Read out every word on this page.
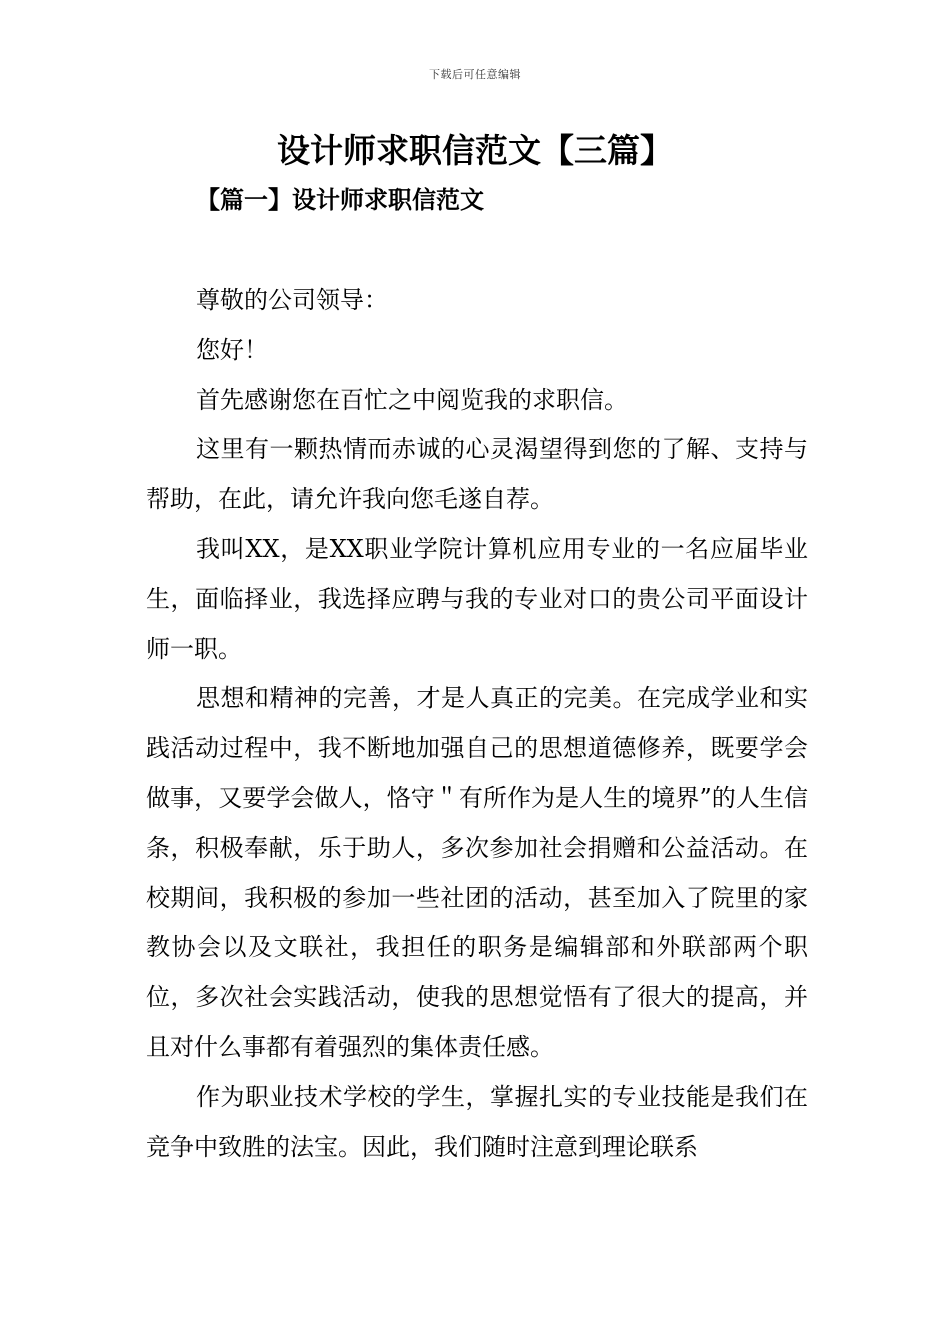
下载后可任意编辑
设计师求职信范文【三篇】
【篇一】设计师求职信范文

尊敬的公司领导：

您好！

首先感谢您在百忙之中阅览我的求职信。

这里有一颗热情而赤诚的心灵渴望得到您的了解、支持与帮助，在此，请允许我向您毛遂自荐。

我叫XX，是XX职业学院计算机应用专业的一名应届毕业生，面临择业，我选择应聘与我的专业对口的贵公司平面设计师一职。

思想和精神的完善，才是人真正的完美。在完成学业和实践活动过程中，我不断地加强自己的思想道德修养，既要学会做事，又要学会做人，恪守＂有所作为是人生的境界”的人生信条，积极奉献，乐于助人，多次参加社会捐赠和公益活动。在校期间，我积极的参加一些社团的活动，甚至加入了院里的家教协会以及文联社，我担任的职务是编辑部和外联部两个职位，多次社会实践活动，使我的思想觉悟有了很大的提高，并且对什么事都有着强烈的集体责任感。

作为职业技术学校的学生，掌握扎实的专业技能是我们在竞争中致胜的法宝。因此，我们随时注意到理论联系
